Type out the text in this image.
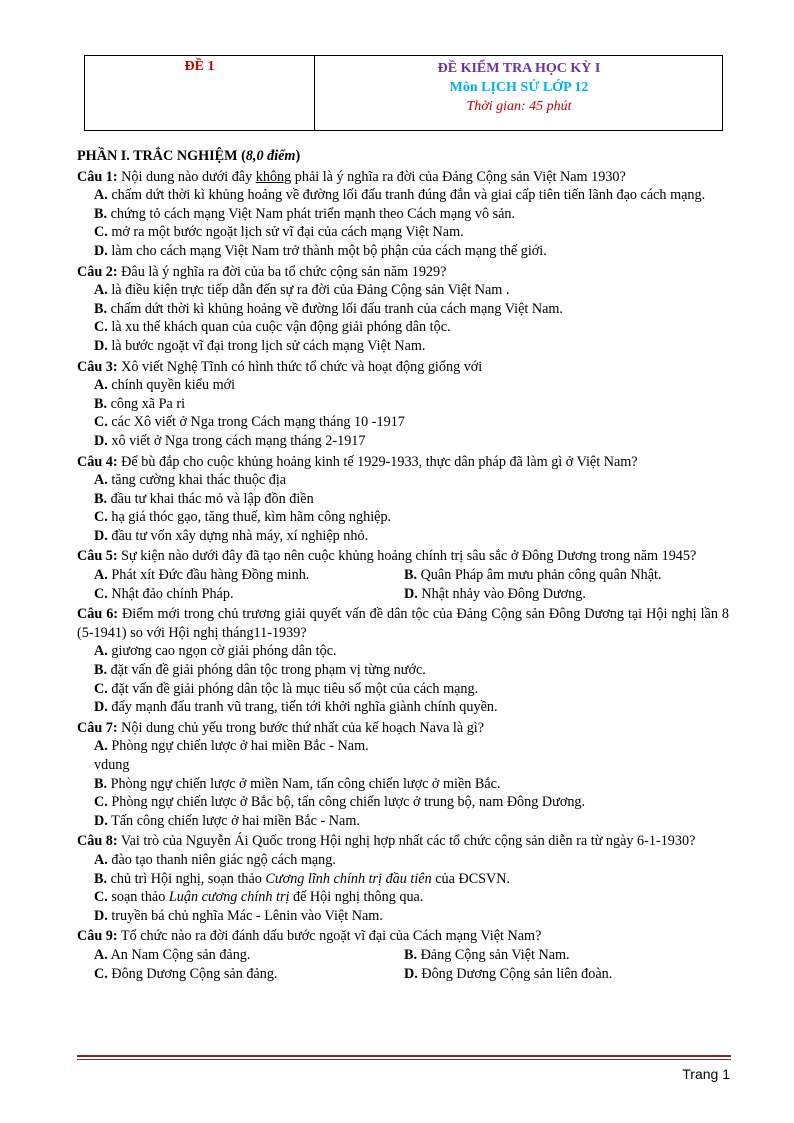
ĐỀ 1	ĐỀ KIỂM TRA HỌC KỲ I
Môn LỊCH SỬ LỚP 12
Thời gian: 45 phút
PHẦN I. TRẮC NGHIỆM (8,0 điểm)
Câu 1: Nội dung nào dưới đây không phải là ý nghĩa ra đời của Đảng Cộng sản Việt Nam 1930?
A. chấm dứt thời kì khủng hoảng về đường lối đấu tranh đúng đắn và giai cấp tiên tiến lãnh đạo cách mạng.
B. chứng tỏ cách mạng Việt Nam phát triển mạnh theo Cách mạng vô sản.
C. mở ra một bước ngoặt lịch sử vĩ đại của cách mạng Việt Nam.
D. làm cho cách mạng Việt Nam trở thành một bộ phận của cách mạng thế giới.
Câu 2: Đâu là ý nghĩa ra đời của ba tổ chức cộng sản năm 1929?
A. là điều kiện trực tiếp dẫn đến sự ra đời của Đảng Cộng sản Việt Nam .
B. chấm dứt thời kì khủng hoảng về đường lối đấu tranh của cách mạng Việt Nam.
C. là xu thế khách quan của cuộc vận động giải phóng dân tộc.
D. là bước ngoặt vĩ đại trong lịch sử cách mạng Việt Nam.
Câu 3: Xô viết Nghệ Tĩnh có hình thức tổ chức và hoạt động giống với
A. chính quyền kiểu mới
B. công xã Pa ri
C. các Xô viết ở Nga trong Cách mạng tháng 10 -1917
D. xô viết ở Nga trong cách mạng tháng 2-1917
Câu 4: Để bù đắp cho cuộc khủng hoảng kinh tế 1929-1933, thực dân pháp đã làm gì ở Việt Nam?
A. tăng cường khai thác thuộc địa
B. đầu tư khai thác mỏ và lập đồn điền
C. hạ giá thóc gạo, tăng thuế, kìm hãm công nghiệp.
D. đầu tư vốn xây dựng nhà máy, xí nghiệp nhỏ.
Câu 5: Sự kiện nào dưới đây đã tạo nên cuộc khủng hoảng chính trị sâu sắc ở Đông Dương trong năm 1945?
A. Phát xít Đức đầu hàng Đồng minh.	B. Quân Pháp âm mưu phản công quân Nhật.
C. Nhật đảo chính Pháp.	D. Nhật nhảy vào Đông Dương.
Câu 6: Điểm mới trong chủ trương giải quyết vấn đề dân tộc của Đảng Cộng sản Đông Dương tại Hội nghị lần 8 (5-1941) so với Hội nghị tháng11-1939?
A. giương cao ngọn cờ giải phóng dân tộc.
B. đặt vấn đề giải phóng dân tộc trong phạm vị từng nước.
C. đặt vấn đề giải phóng dân tộc là mục tiêu số một của cách mạng.
D. đẩy mạnh đấu tranh vũ trang, tiến tới khởi nghĩa giành chính quyền.
Câu 7: Nội dung chủ yếu trong bước thứ nhất của kế hoạch Nava là gì?
A. Phòng ngự chiến lược ở hai miền Bắc - Nam.
vdung
B. Phòng ngự chiến lược ở miền Nam, tấn công chiến lược ở miền Bắc.
C. Phòng ngự chiến lược ở Bắc bộ, tấn công chiến lược ở trung bộ, nam Đông Dương.
D. Tấn công chiến lược ở hai miền Bắc - Nam.
Câu 8: Vai trò của Nguyễn Ái Quốc trong Hội nghị hợp nhất các tổ chức cộng sản diễn ra từ ngày 6-1-1930?
A. đào tạo thanh niên giác ngộ cách mạng.
B. chủ trì Hội nghị, soạn thảo Cương lĩnh chính trị đầu tiên của ĐCSVN.
C. soạn thảo Luận cương chính trị để Hội nghị thông qua.
D. truyền bá chủ nghĩa Mác - Lênin vào Việt Nam.
Câu 9: Tổ chức nào ra đời đánh dấu bước ngoặt vĩ đại của Cách mạng Việt Nam?
A. An Nam Cộng sản đảng.	B. Đảng Cộng sản Việt Nam.
C. Đông Dương Cộng sản đảng.	D. Đông Dương Cộng sản liên đoàn.
Trang 1
